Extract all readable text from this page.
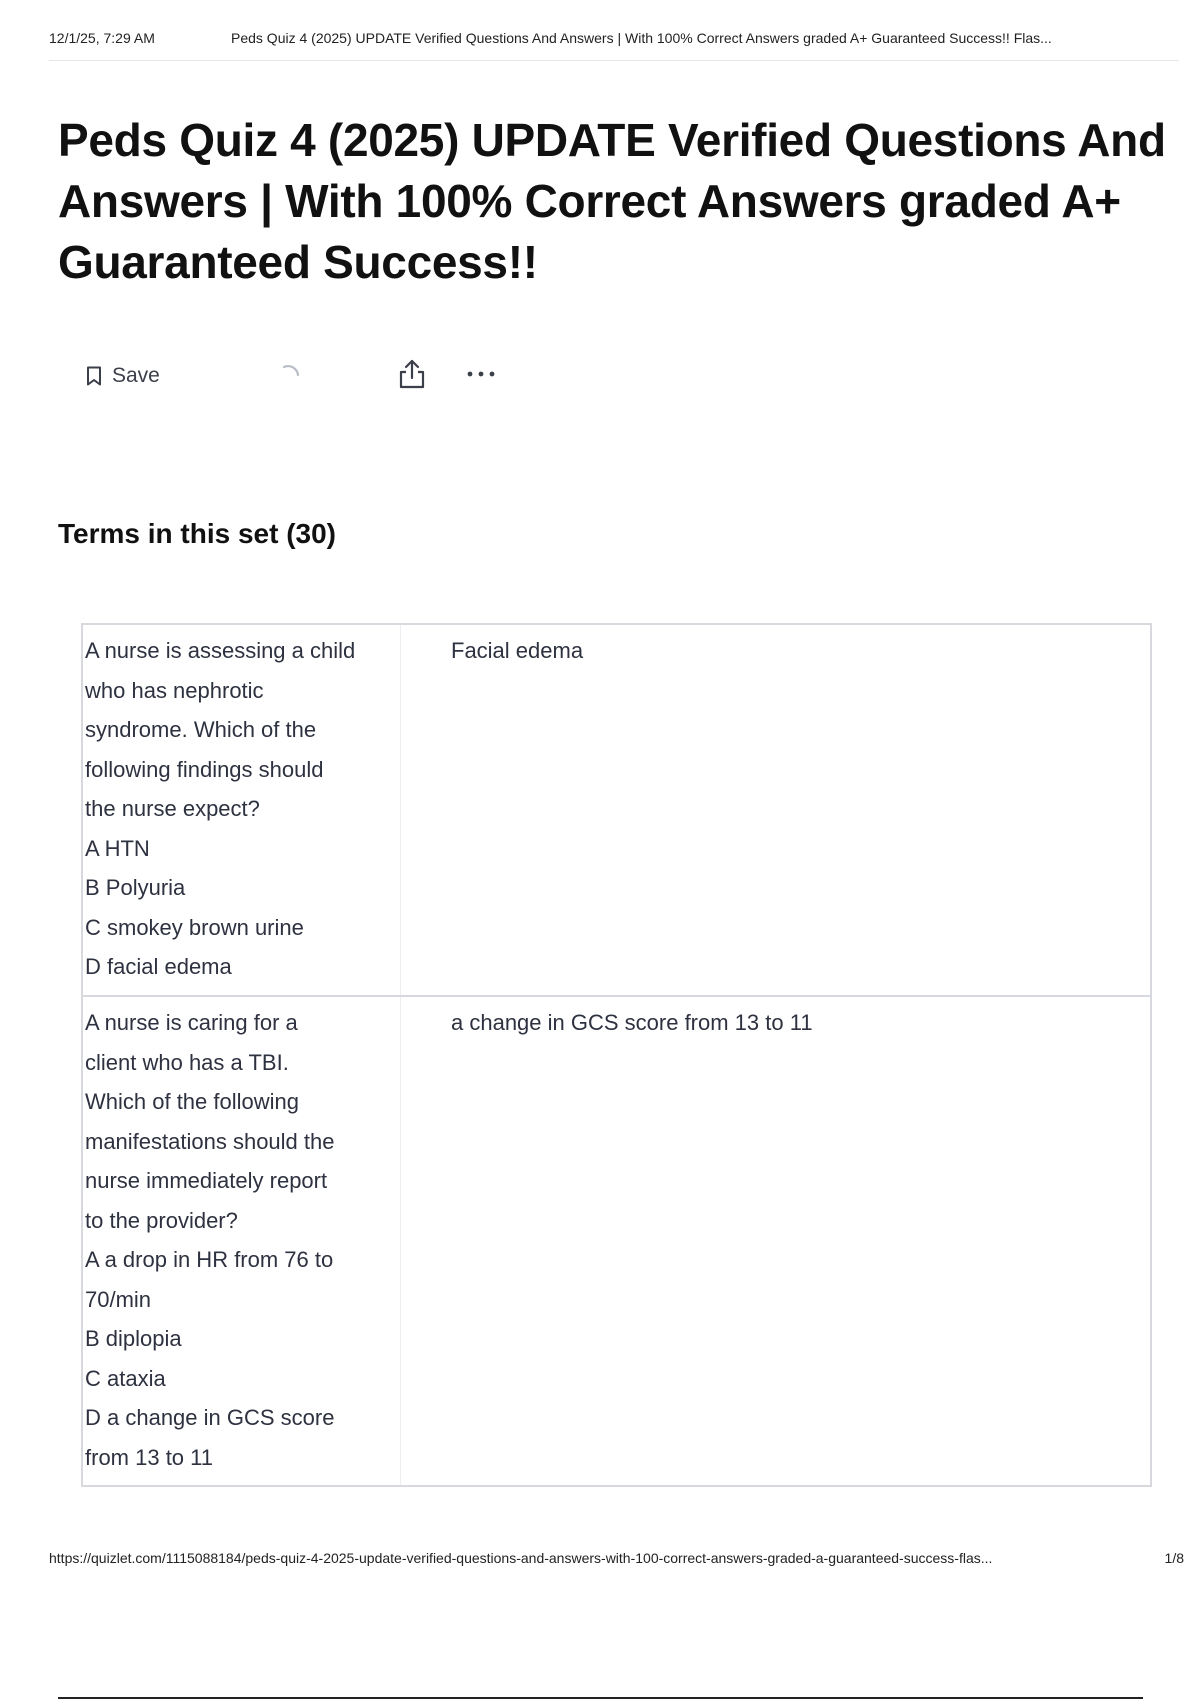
12/1/25, 7:29 AM	Peds Quiz 4 (2025) UPDATE Verified Questions And Answers | With 100% Correct Answers graded A+ Guaranteed Success!! Flas...
Peds Quiz 4 (2025) UPDATE Verified Questions And Answers | With 100% Correct Answers graded A+ Guaranteed Success!!
Save
Terms in this set (30)
A nurse is assessing a child
who has nephrotic
syndrome. Which of the
following findings should
the nurse expect?
A HTN
B Polyuria
C smokey brown urine
D facial edema
Facial edema
A nurse is caring for a
client who has a TBI.
Which of the following
manifestations should the
nurse immediately report
to the provider?
A a drop in HR from 76 to
70/min
B diplopia
C ataxia
D a change in GCS score
from 13 to 11
a change in GCS score from 13 to 11
https://quizlet.com/1115088184/peds-quiz-4-2025-update-verified-questions-and-answers-with-100-correct-answers-graded-a-guaranteed-success-flas...	1/8
